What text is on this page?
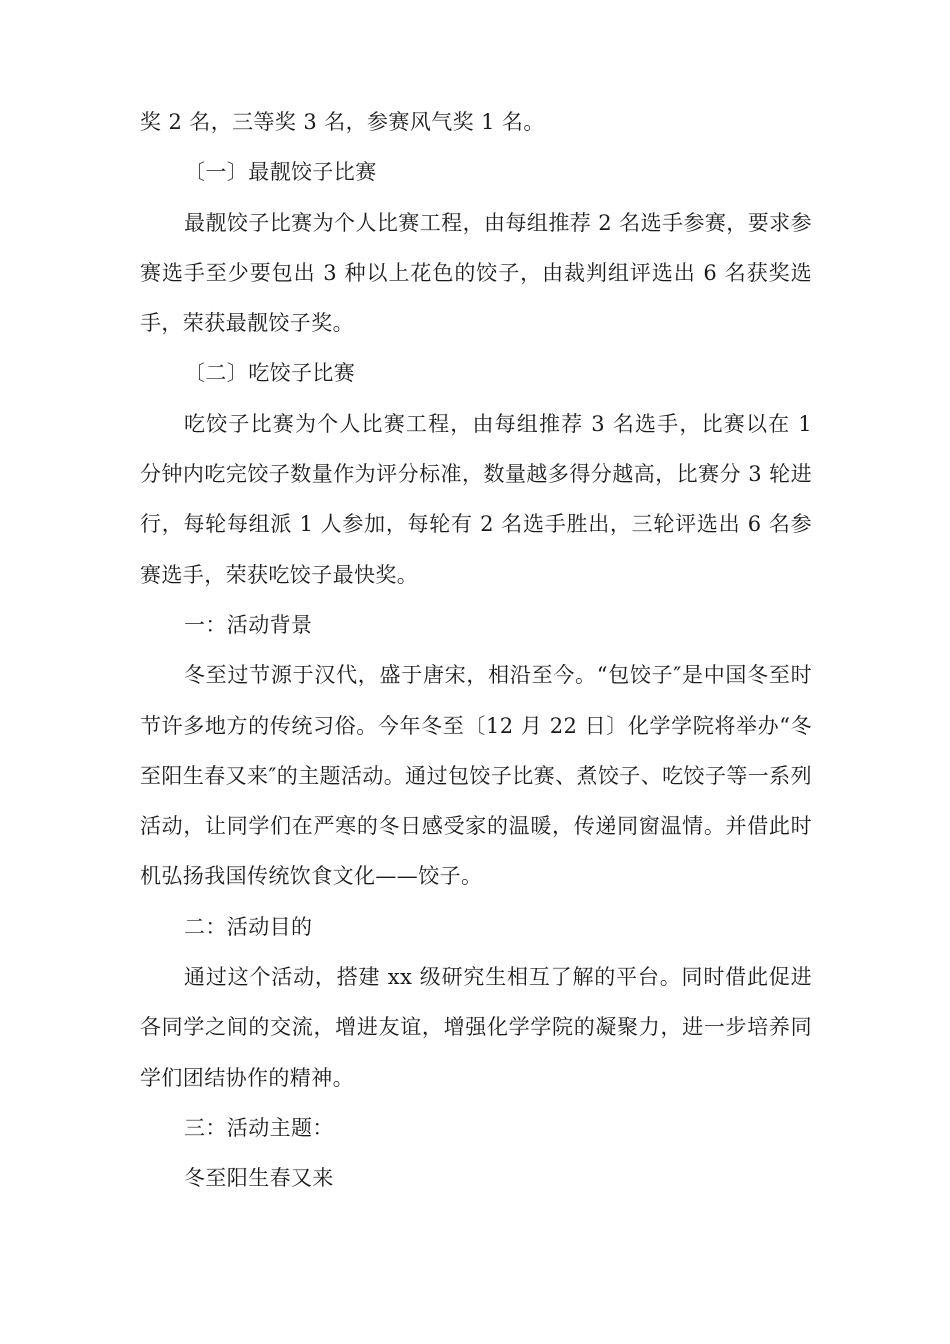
奖 2 名，三等奖 3 名，参赛风气奖 1 名。

〔一〕最靓饺子比赛

最靓饺子比赛为个人比赛工程，由每组推荐 2 名选手参赛，要求参赛选手至少要包出 3 种以上花色的饺子，由裁判组评选出 6 名获奖选手，荣获最靓饺子奖。

〔二〕吃饺子比赛

吃饺子比赛为个人比赛工程，由每组推荐 3 名选手，比赛以在 1 分钟内吃完饺子数量作为评分标准，数量越多得分越高，比赛分 3 轮进行，每轮每组派 1 人参加，每轮有 2 名选手胜出，三轮评选出 6 名参赛选手，荣获吃饺子最快奖。

一：活动背景

冬至过节源于汉代，盛于唐宋，相沿至今。“包饺子″是中国冬至时节许多地方的传统习俗。今年冬至〔12 月 22 日〕化学学院将举办“冬至阳生春又来″的主题活动。通过包饺子比赛、煮饺子、吃饺子等一系列活动，让同学们在严寒的冬日感受家的温暖，传递同窗温情。并借此时机弘扬我国传统饮食文化——饺子。

二：活动目的

通过这个活动，搭建 xx 级研究生相互了解的平台。同时借此促进各同学之间的交流，增进友谊，增强化学学院的凝聚力，进一步培养同学们团结协作的精神。

三：活动主题：

冬至阳生春又来
